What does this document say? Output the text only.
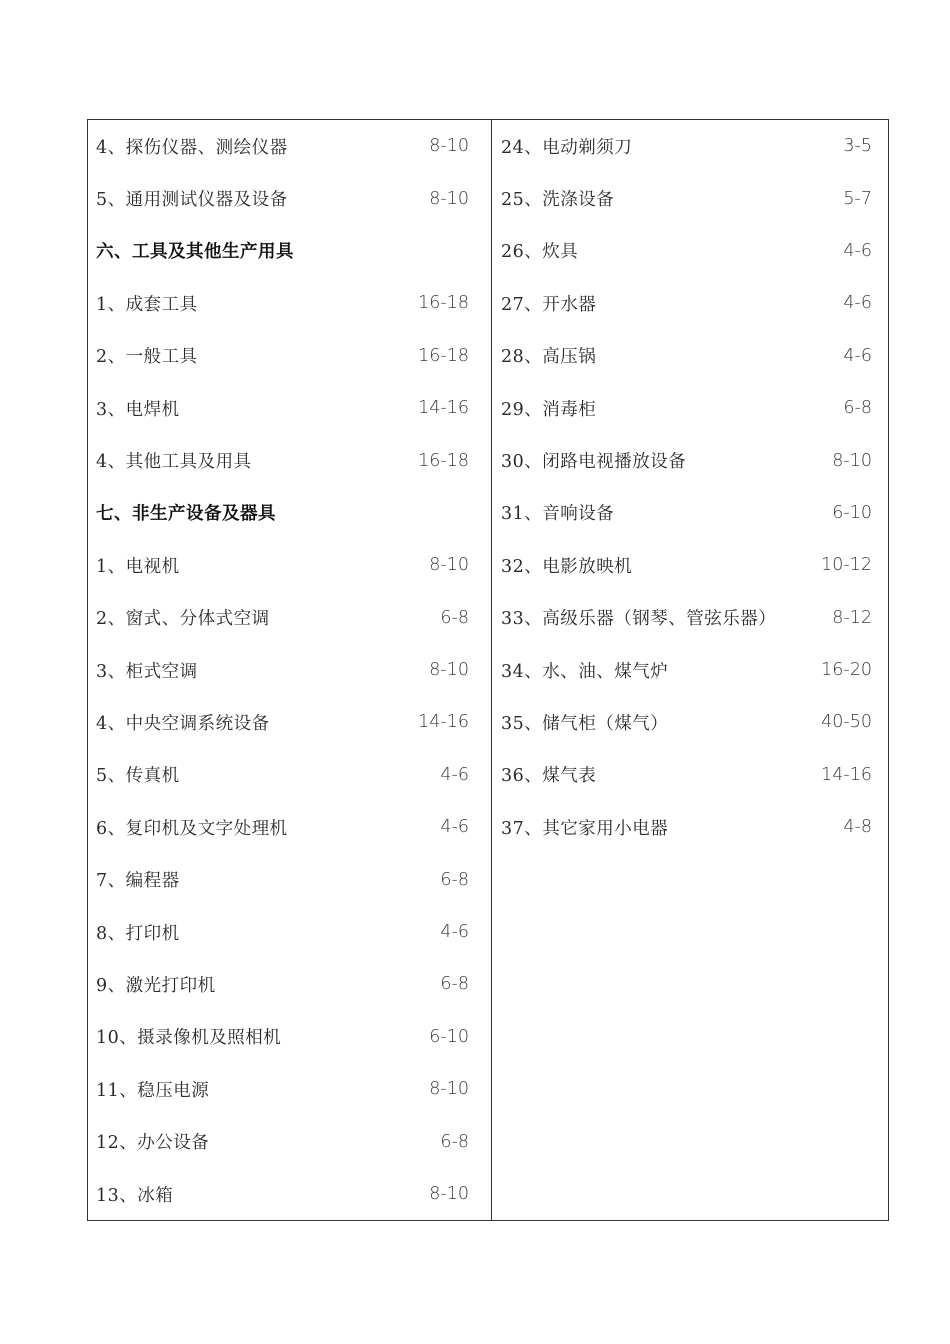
4、探伤仪器、测绘仪器	8-10
5、通用测试仪器及设备	8-10
六、工具及其他生产用具
1、成套工具	16-18
2、一般工具	16-18
3、电焊机	14-16
4、其他工具及用具	16-18
七、非生产设备及器具
1、电视机	8-10
2、窗式、分体式空调	6-8
3、柜式空调	8-10
4、中央空调系统设备	14-16
5、传真机	4-6
6、复印机及文字处理机	4-6
7、编程器	6-8
8、打印机	4-6
9、激光打印机	6-8
10、摄录像机及照相机	6-10
11、稳压电源	8-10
12、办公设备	6-8
13、冰箱	8-10
24、电动剃须刀	3-5
25、洗涤设备	5-7
26、炊具	4-6
27、开水器	4-6
28、高压锅	4-6
29、消毒柜	6-8
30、闭路电视播放设备	8-10
31、音响设备	6-10
32、电影放映机	10-12
33、高级乐器（钢琴、管弦乐器）	8-12
34、水、油、煤气炉	16-20
35、储气柜（煤气）	40-50
36、煤气表	14-16
37、其它家用小电器	4-8
